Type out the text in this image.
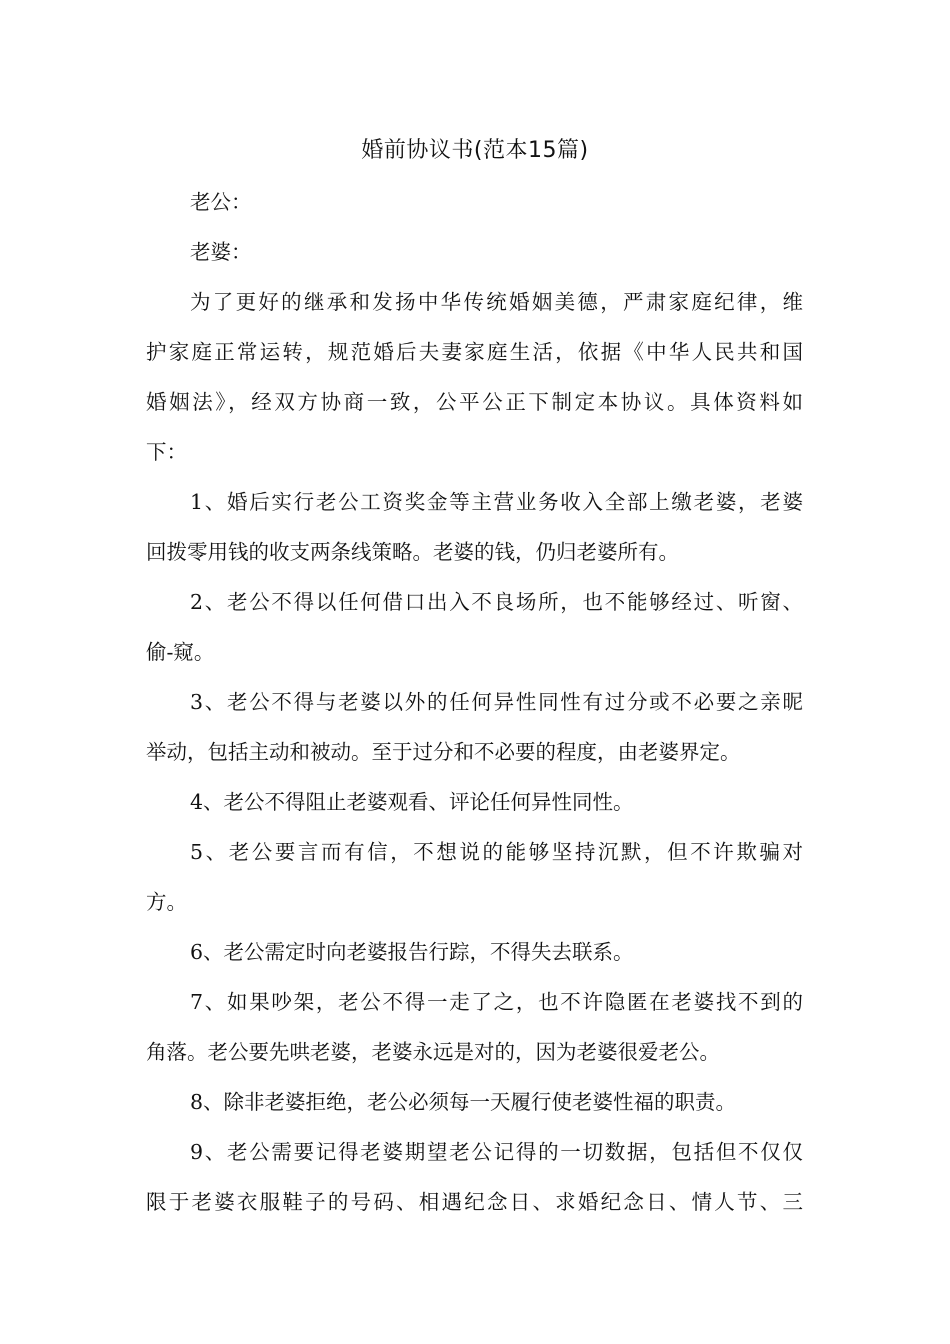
婚前协议书(范本15篇)
老公：
老婆：
为了更好的继承和发扬中华传统婚姻美德，严肃家庭纪律，维
护家庭正常运转，规范婚后夫妻家庭生活，依据《中华人民共和国
婚姻法》，经双方协商一致，公平公正下制定本协议。具体资料如
下：
1、婚后实行老公工资奖金等主营业务收入全部上缴老婆，老婆
回拨零用钱的收支两条线策略。老婆的钱，仍归老婆所有。
2、老公不得以任何借口出入不良场所，也不能够经过、听窗、
偷-窥。
3、老公不得与老婆以外的任何异性同性有过分或不必要之亲昵
举动，包括主动和被动。至于过分和不必要的程度，由老婆界定。
4、老公不得阻止老婆观看、评论任何异性同性。
5、老公要言而有信，不想说的能够坚持沉默，但不许欺骗对
方。
6、老公需定时向老婆报告行踪，不得失去联系。
7、如果吵架，老公不得一走了之，也不许隐匿在老婆找不到的
角落。老公要先哄老婆，老婆永远是对的，因为老婆很爱老公。
8、除非老婆拒绝，老公必须每一天履行使老婆性福的职责。
9、老公需要记得老婆期望老公记得的一切数据，包括但不仅仅
限于老婆衣服鞋子的号码、相遇纪念日、求婚纪念日、情人节、三
